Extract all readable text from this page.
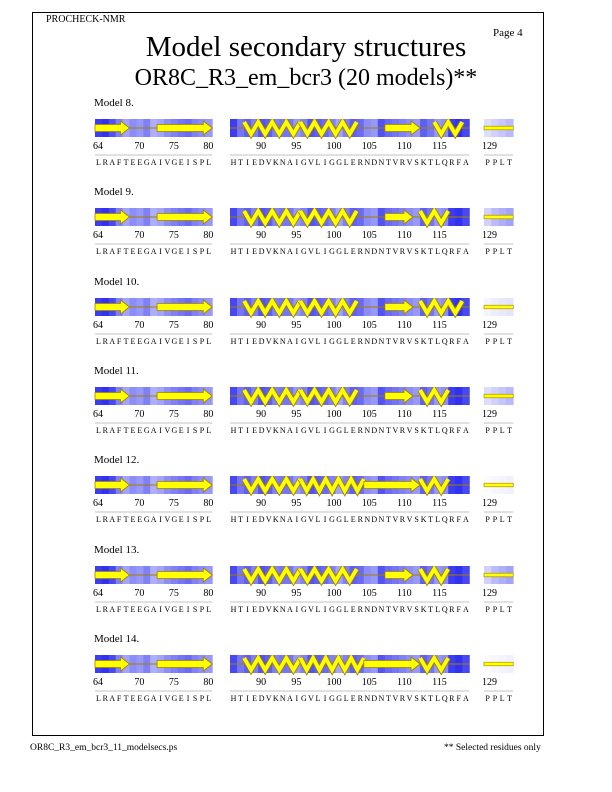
PROCHECK-NMR
Page 4
Model secondary structures
OR8C_R3_em_bcr3 (20 models)**
Model 8.
64	70 75 80	90	95	100 105 110 115	129
L R A F T E E G A I V G E I S P L H T I E D V K N A I G V L I G G L E R N D N T V R V S K T L Q R F A P P L T
Model 9.
64	70 75 80	90	95	100 105 110 115	129
L R A F T E E G A I V G E I S P L H T I E D V K N A I G V L I G G L E R N D N T V R V S K T L Q R F A P P L T
Model 10.
64	70 75 80	90	95	100 105 110 115	129
L R A F T E E G A I V G E I S P L H T I E D V K N A I G V L I G G L E R N D N T V R V S K T L Q R F A P P L T
Model 11.
64	70 75 80	90	95	100 105 110 115	129
L R A F T E E G A I V G E I S P L H T I E D V K N A I G V L I G G L E R N D N T V R V S K T L Q R F A P P L T
Model 12.
64	70 75 80	90	95	100 105 110 115	129
L R A F T E E G A I V G E I S P L H T I E D V K N A I G V L I G G L E R N D N T V R V S K T L Q R F A P P L T
Model 13.
64	70 75 80	90	95	100 105 110 115	129
L R A F T E E G A I V G E I S P L H T I E D V K N A I G V L I G G L E R N D N T V R V S K T L Q R F A P P L T
Model 14.
64	70 75 80	90	95	100 105 110 115	129
L R A F T E E G A I V G E I S P L H T I E D V K N A I G V L I G G L E R N D N T V R V S K T L Q R F A P P L T
OR8C_R3_em_bcr3_11_modelsecs.ps	** Selected residues only
